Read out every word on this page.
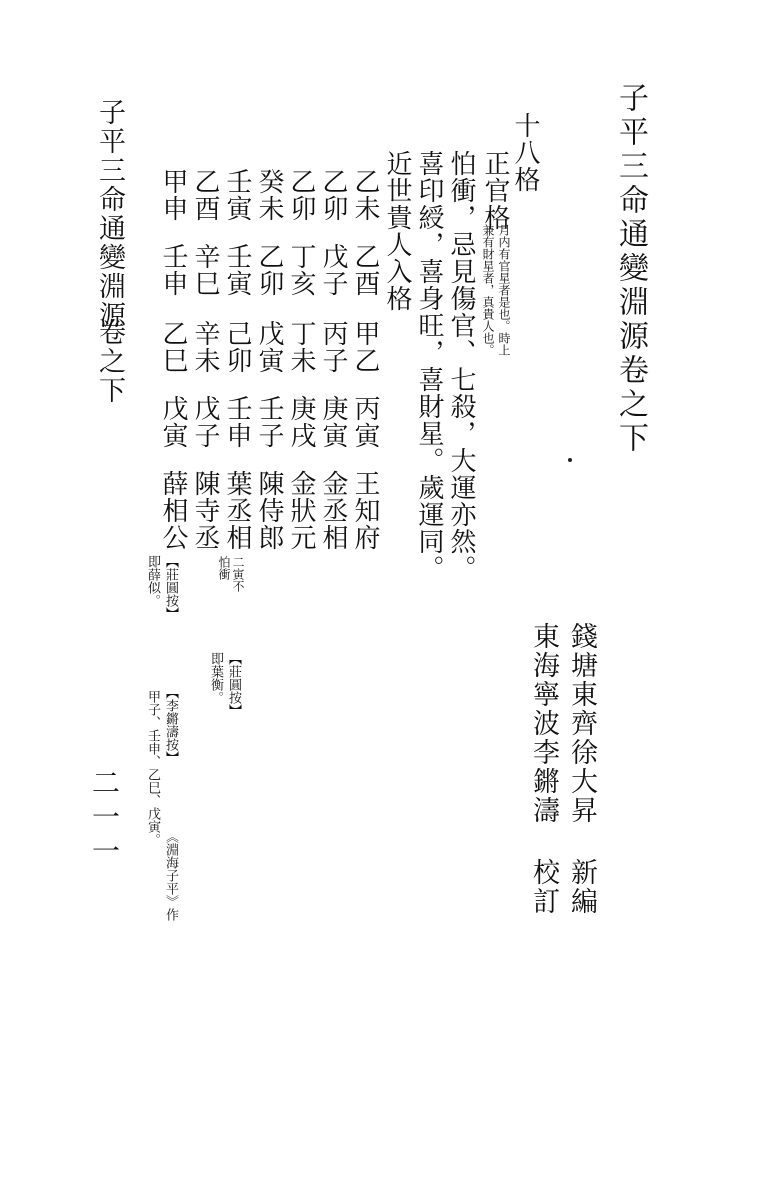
子平三命通變淵源卷之下
錢塘東齊徐大昇
新編
東海寧波李鏘濤
校訂
十八格
正官格
月内有官星者是也。時上
兼有財星者，真貴人也。
怕衝，忌見傷官、七殺，大運亦然。
喜印綬，喜身旺，喜財星。歲運同。
近世貴人入格
乙未
乙酉
甲乙
丙寅
王知府
乙卯
戊子
丙子
庚寅
金丞相
乙卯
丁亥
丁未
庚戌
金狀元
癸未
乙卯
戊寅
壬子
陳侍郎
壬寅
壬寅
己卯
壬申
葉丞相
二寅不
怕衝
【莊圓按】
即葉衡。
乙酉
辛巳
辛未
戊子
陳寺丞
甲申
壬申
乙巳
戊寅
薛相公
【莊圓按】
即薛似。
【李鏘濤按】
《淵海子平》作
甲子、壬申、乙巳、戊寅。
子平三命通變淵源
卷之下
二一一
